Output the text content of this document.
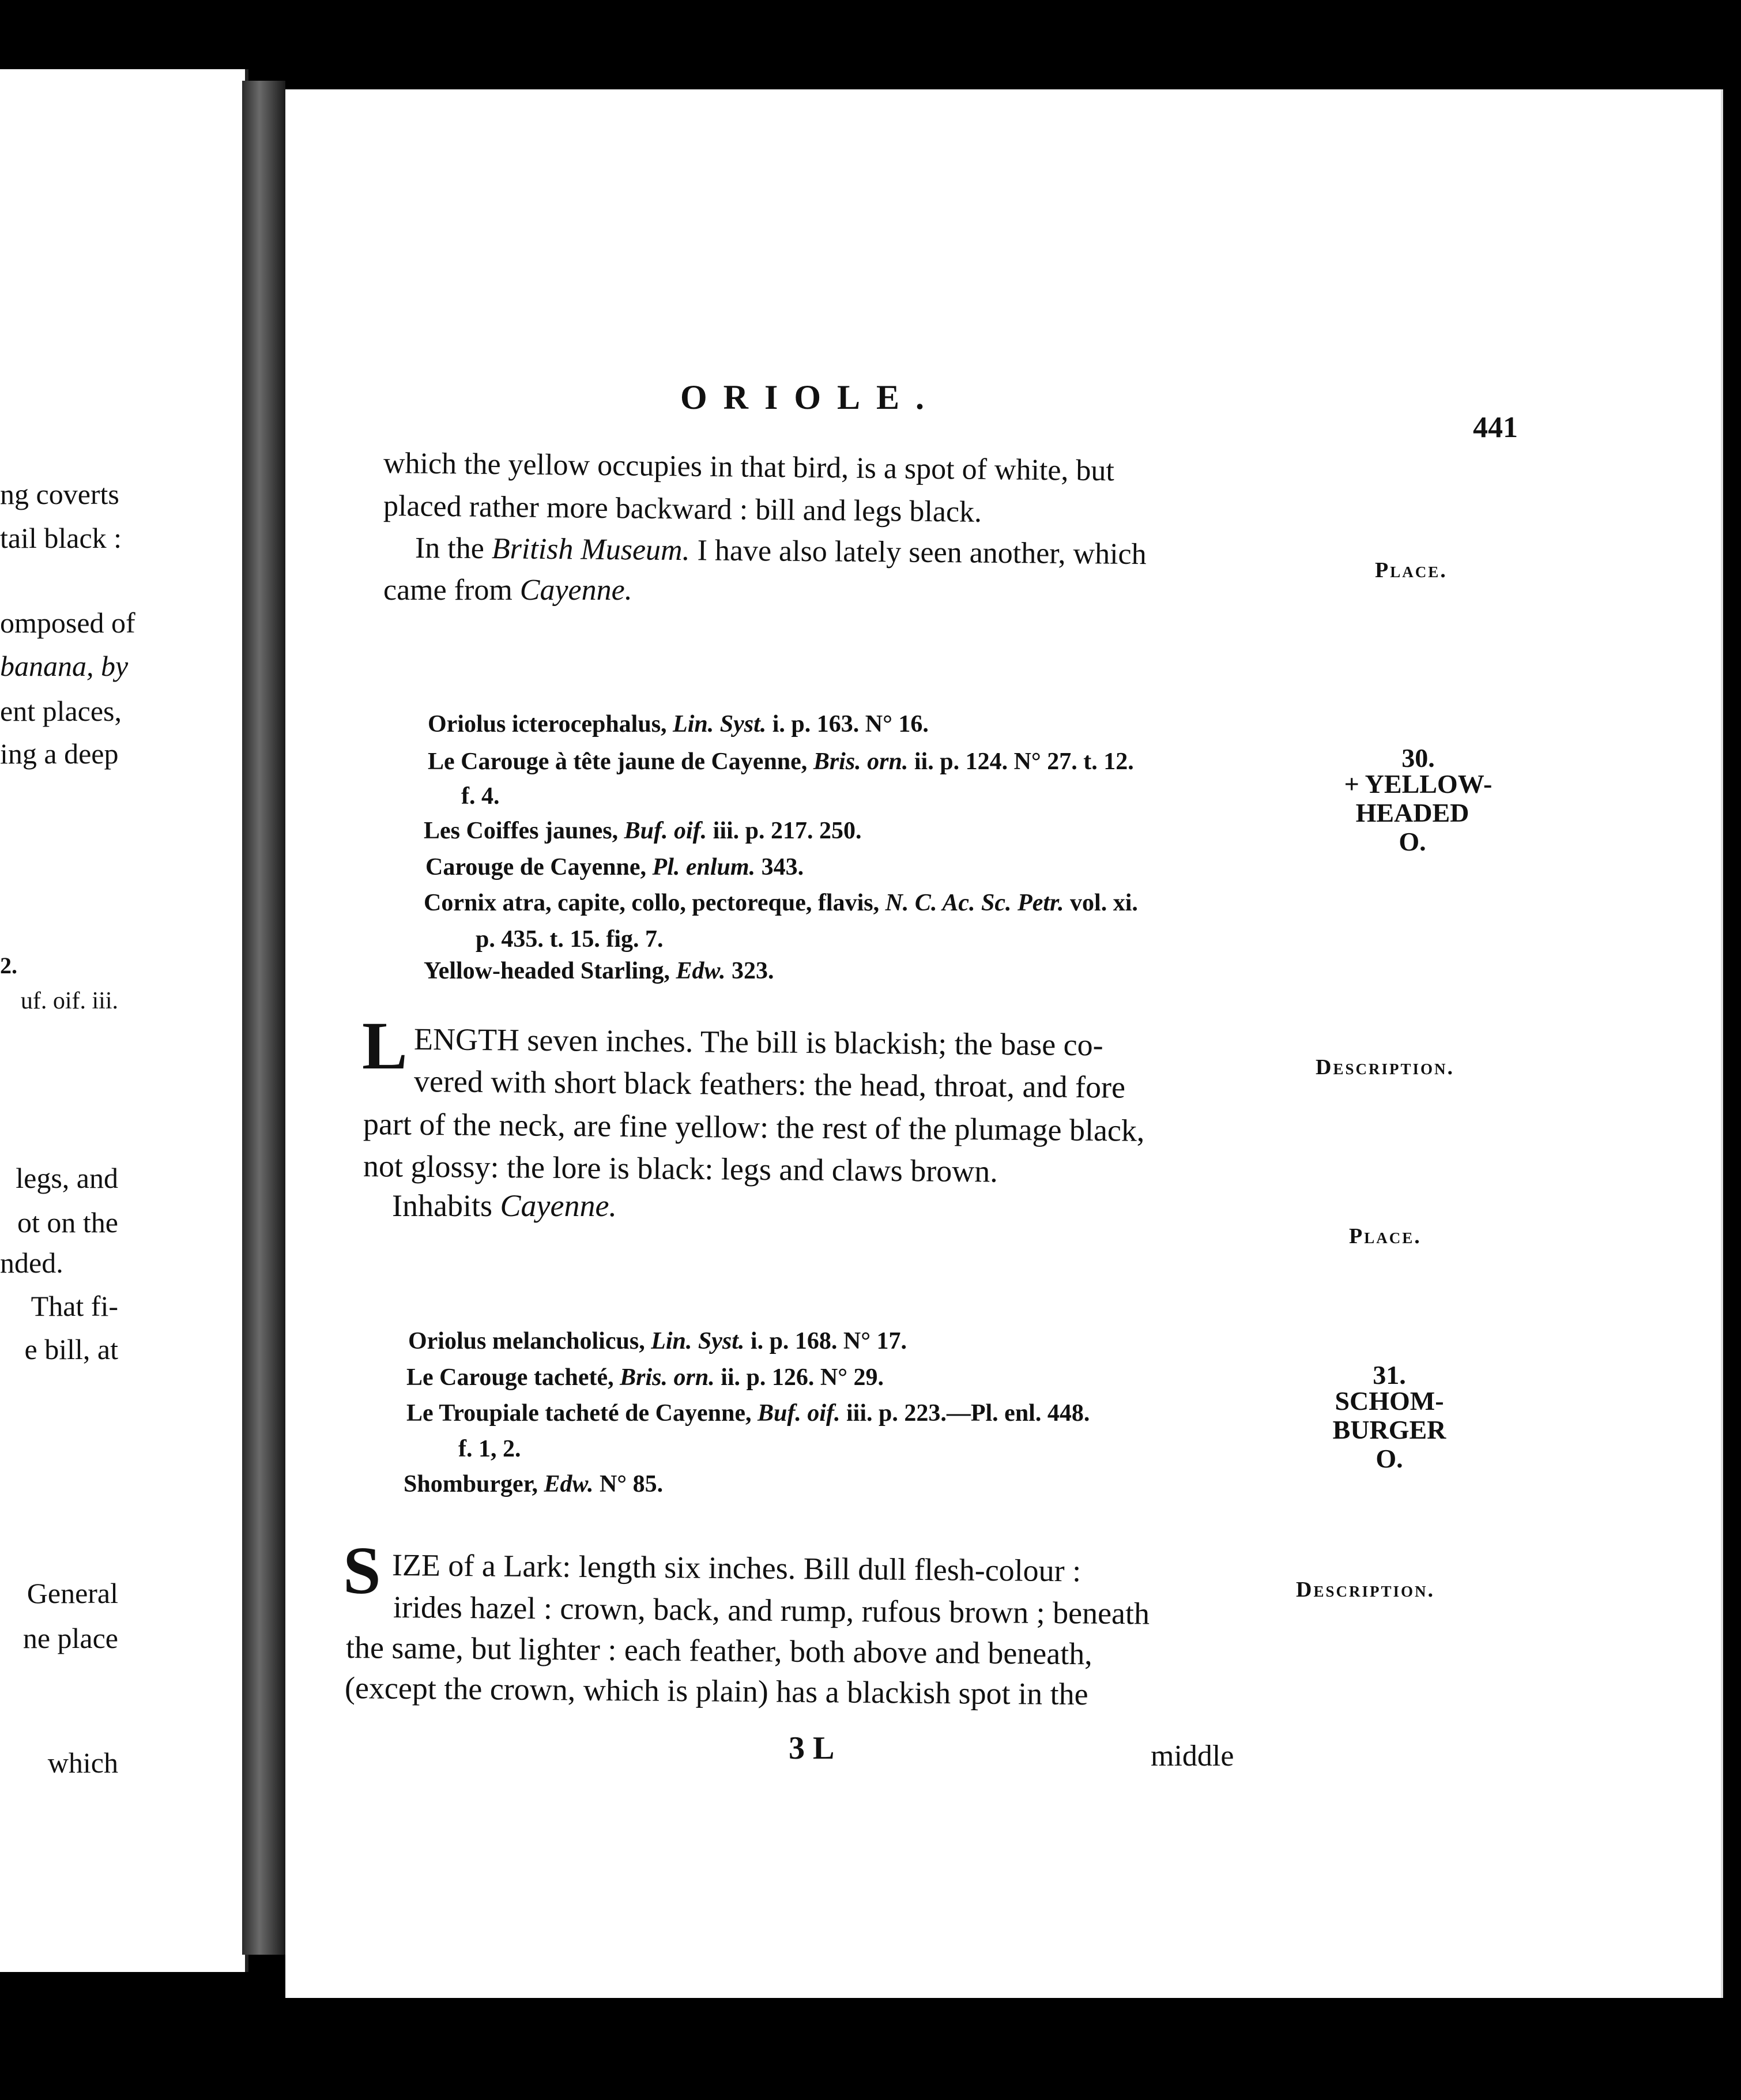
ng coverts
tail black :
omposed of
banana, by
ent places,
ing a deep
2.
uf. oif. iii.
legs, and
ot on the
nded.
That fi-
e bill, at
General
ne place
which
ORIOLE.
441
which the yellow occupies in that bird, is a spot of white, but
placed rather more backward : bill and legs black.
In the British Museum. I have also lately seen another, which
came from Cayenne.
Oriolus icterocephalus, Lin. Syst. i. p. 163. N° 16.
Le Carouge à tête jaune de Cayenne, Bris. orn. ii. p. 124. N° 27. t. 12.
f. 4.
Les Coiffes jaunes, Buf. oif. iii. p. 217. 250.
Carouge de Cayenne, Pl. enlum. 343.
Cornix atra, capite, collo, pectoreque, flavis, N. C. Ac. Sc. Petr. vol. xi.
p. 435. t. 15. fig. 7.
Yellow-headed Starling, Edw. 323.
L ENGTH seven inches. The bill is blackish; the base co-
vered with short black feathers: the head, throat, and fore
part of the neck, are fine yellow: the rest of the plumage black,
not glossy: the lore is black: legs and claws brown.
Inhabits Cayenne.
Oriolus melancholicus, Lin. Syst. i. p. 168. N° 17.
Le Carouge tacheté, Bris. orn. ii. p. 126. N° 29.
Le Troupiale tacheté de Cayenne, Buf. oif. iii. p. 223.—Pl. enl. 448.
f. 1, 2.
Shomburger, Edw. N° 85.
S IZE of a Lark: length six inches. Bill dull flesh-colour :
irides hazel : crown, back, and rump, rufous brown ; beneath
the same, but lighter : each feather, both above and beneath,
(except the crown, which is plain) has a blackish spot in the
Place.
30.
+ YELLOW-
HEADED
O.
Description.
Place.
31.
SCHOM-
BURGER
O.
Description.
3 L	middle
